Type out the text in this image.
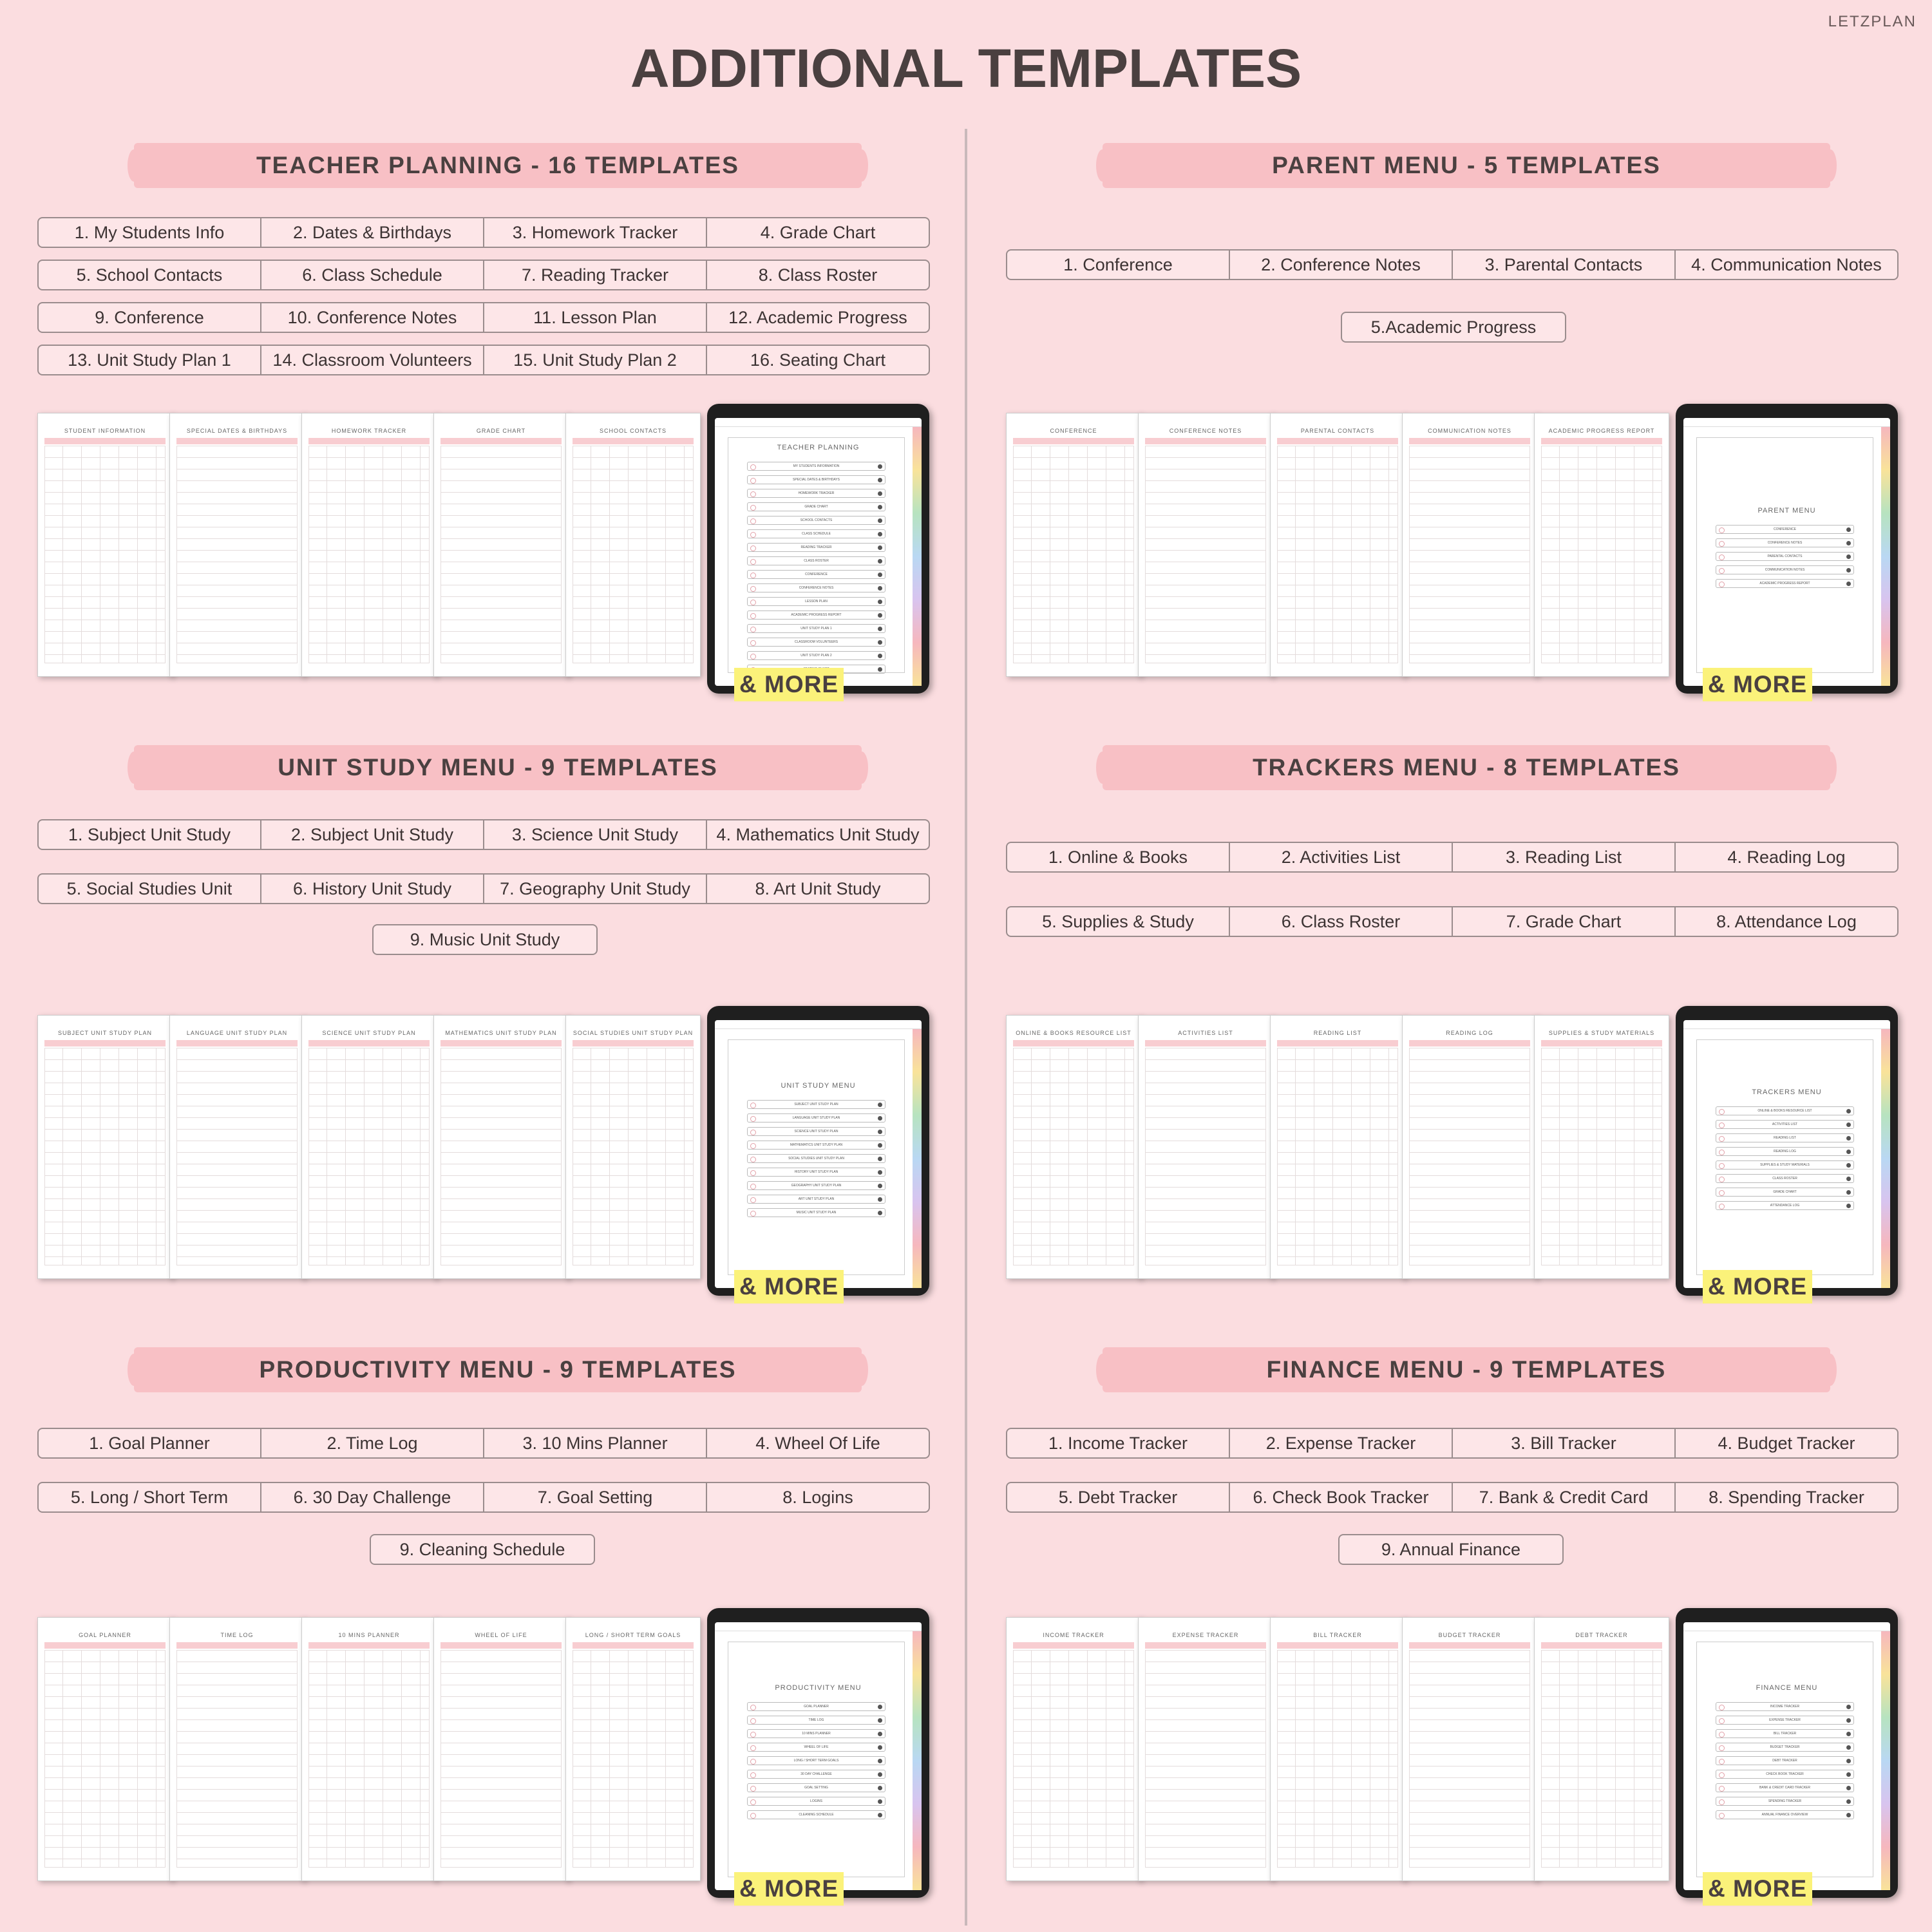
LETZPLAN
ADDITIONAL TEMPLATES
TEACHER PLANNING - 16 TEMPLATES
1. My Students Info	2. Dates & Birthdays	3. Homework Tracker	4. Grade Chart
5. School Contacts	6. Class Schedule	7. Reading Tracker	8. Class Roster
9. Conference	10. Conference Notes	11. Lesson Plan	12. Academic Progress
13. Unit Study Plan 1	14. Classroom Volunteers	15. Unit Study Plan 2	16. Seating Chart
STUDENT INFORMATION	SPECIAL DATES & BIRTHDAYS	HOMEWORK TRACKER	GRADE CHART	SCHOOL CONTACTS
TEACHER PLANNING
MY STUDENTS INFORMATION
SPECIAL DATES & BIRTHDAYS
HOMEWORK TRACKER
GRADE CHART
SCHOOL CONTACTS
CLASS SCHEDULE
READING TRACKER
CLASS ROSTER
CONFERENCE
CONFERENCE NOTES
LESSON PLAN
ACADEMIC PROGRESS REPORT
UNIT STUDY PLAN 1
CLASSROOM VOLUNTEERS
UNIT STUDY PLAN 2
& MORE
PARENT MENU - 5 TEMPLATES
1. Conference	2. Conference Notes	3. Parental Contacts	4. Communication Notes
5.Academic Progress
CONFERENCE	CONFERENCE NOTES	PARENTAL CONTACTS	COMMUNICATION NOTES	ACADEMIC PROGRESS REPORT
PARENT MENU
CONFERENCE
CONFERENCE NOTES
PARENTAL CONTACTS
COMMUNICATION NOTES
ACADEMIC PROGRESS REPORT
& MORE
UNIT STUDY MENU - 9 TEMPLATES
1. Subject Unit Study	2. Subject Unit Study	3. Science Unit Study	4. Mathematics Unit Study
5. Social Studies Unit	6. History Unit Study	7. Geography Unit Study	8. Art Unit Study
9. Music Unit Study
SUBJECT UNIT STUDY PLAN	LANGUAGE UNIT STUDY PLAN	SCIENCE UNIT STUDY PLAN	MATHEMATICS UNIT STUDY PLAN	SOCIAL STUDIES UNIT STUDY PLAN
UNIT STUDY MENU
SUBJECT UNIT STUDY PLAN
LANGUAGE UNIT STUDY PLAN
SCIENCE UNIT STUDY PLAN
MATHEMATICS UNIT STUDY PLAN
SOCIAL STUDIES UNIT STUDY PLAN
HISTORY UNIT STUDY PLAN
GEOGRAPHY UNIT STUDY PLAN
ART UNIT STUDY PLAN
MUSIC UNIT STUDY PLAN
& MORE
TRACKERS MENU - 8 TEMPLATES
1. Online & Books	2. Activities List	3. Reading List	4. Reading Log
5. Supplies & Study	6. Class Roster	7. Grade Chart	8. Attendance Log
ONLINE & BOOKS RESOURCE LIST	ACTIVITIES LIST	READING LIST	READING LOG	SUPPLIES & STUDY MATERIALS
TRACKERS MENU
ONLINE & BOOKS RESOURCE LIST
ACTIVITIES LIST
READING LIST
READING LOG
SUPPLIES & STUDY MATERIALS
CLASS ROSTER
GRADE CHART
ATTENDANCE LOG
& MORE
PRODUCTIVITY MENU - 9 TEMPLATES
1. Goal Planner	2. Time Log	3. 10 Mins Planner	4. Wheel Of Life
5. Long / Short Term	6. 30 Day Challenge	7. Goal Setting	8. Logins
9. Cleaning Schedule
GOAL PLANNER	TIME LOG	10 MINS PLANNER	WHEEL OF LIFE	LONG / SHORT TERM GOALS
PRODUCTIVITY MENU
GOAL PLANNER
TIME LOG
10 MINS PLANNER
WHEEL OF LIFE
LONG / SHORT TERM GOALS
30 DAY CHALLENGE
GOAL SETTING
LOGINS
CLEANING SCHEDULE
& MORE
FINANCE MENU - 9 TEMPLATES
1. Income Tracker	2. Expense Tracker	3. Bill Tracker	4. Budget Tracker
5. Debt Tracker	6. Check Book Tracker	7. Bank & Credit Card	8. Spending Tracker
9. Annual Finance
INCOME TRACKER	EXPENSE TRACKER	BILL TRACKER	BUDGET TRACKER	DEBT TRACKER
FINANCE MENU
INCOME TRACKER
EXPENSE TRACKER
BILL TRACKER
BUDGET TRACKER
DEBT TRACKER
CHECK BOOK TRACKER
BANK & CREDIT CARD TRACKER
SPENDING TRACKER
ANNUAL FINANCE OVERVIEW
& MORE
